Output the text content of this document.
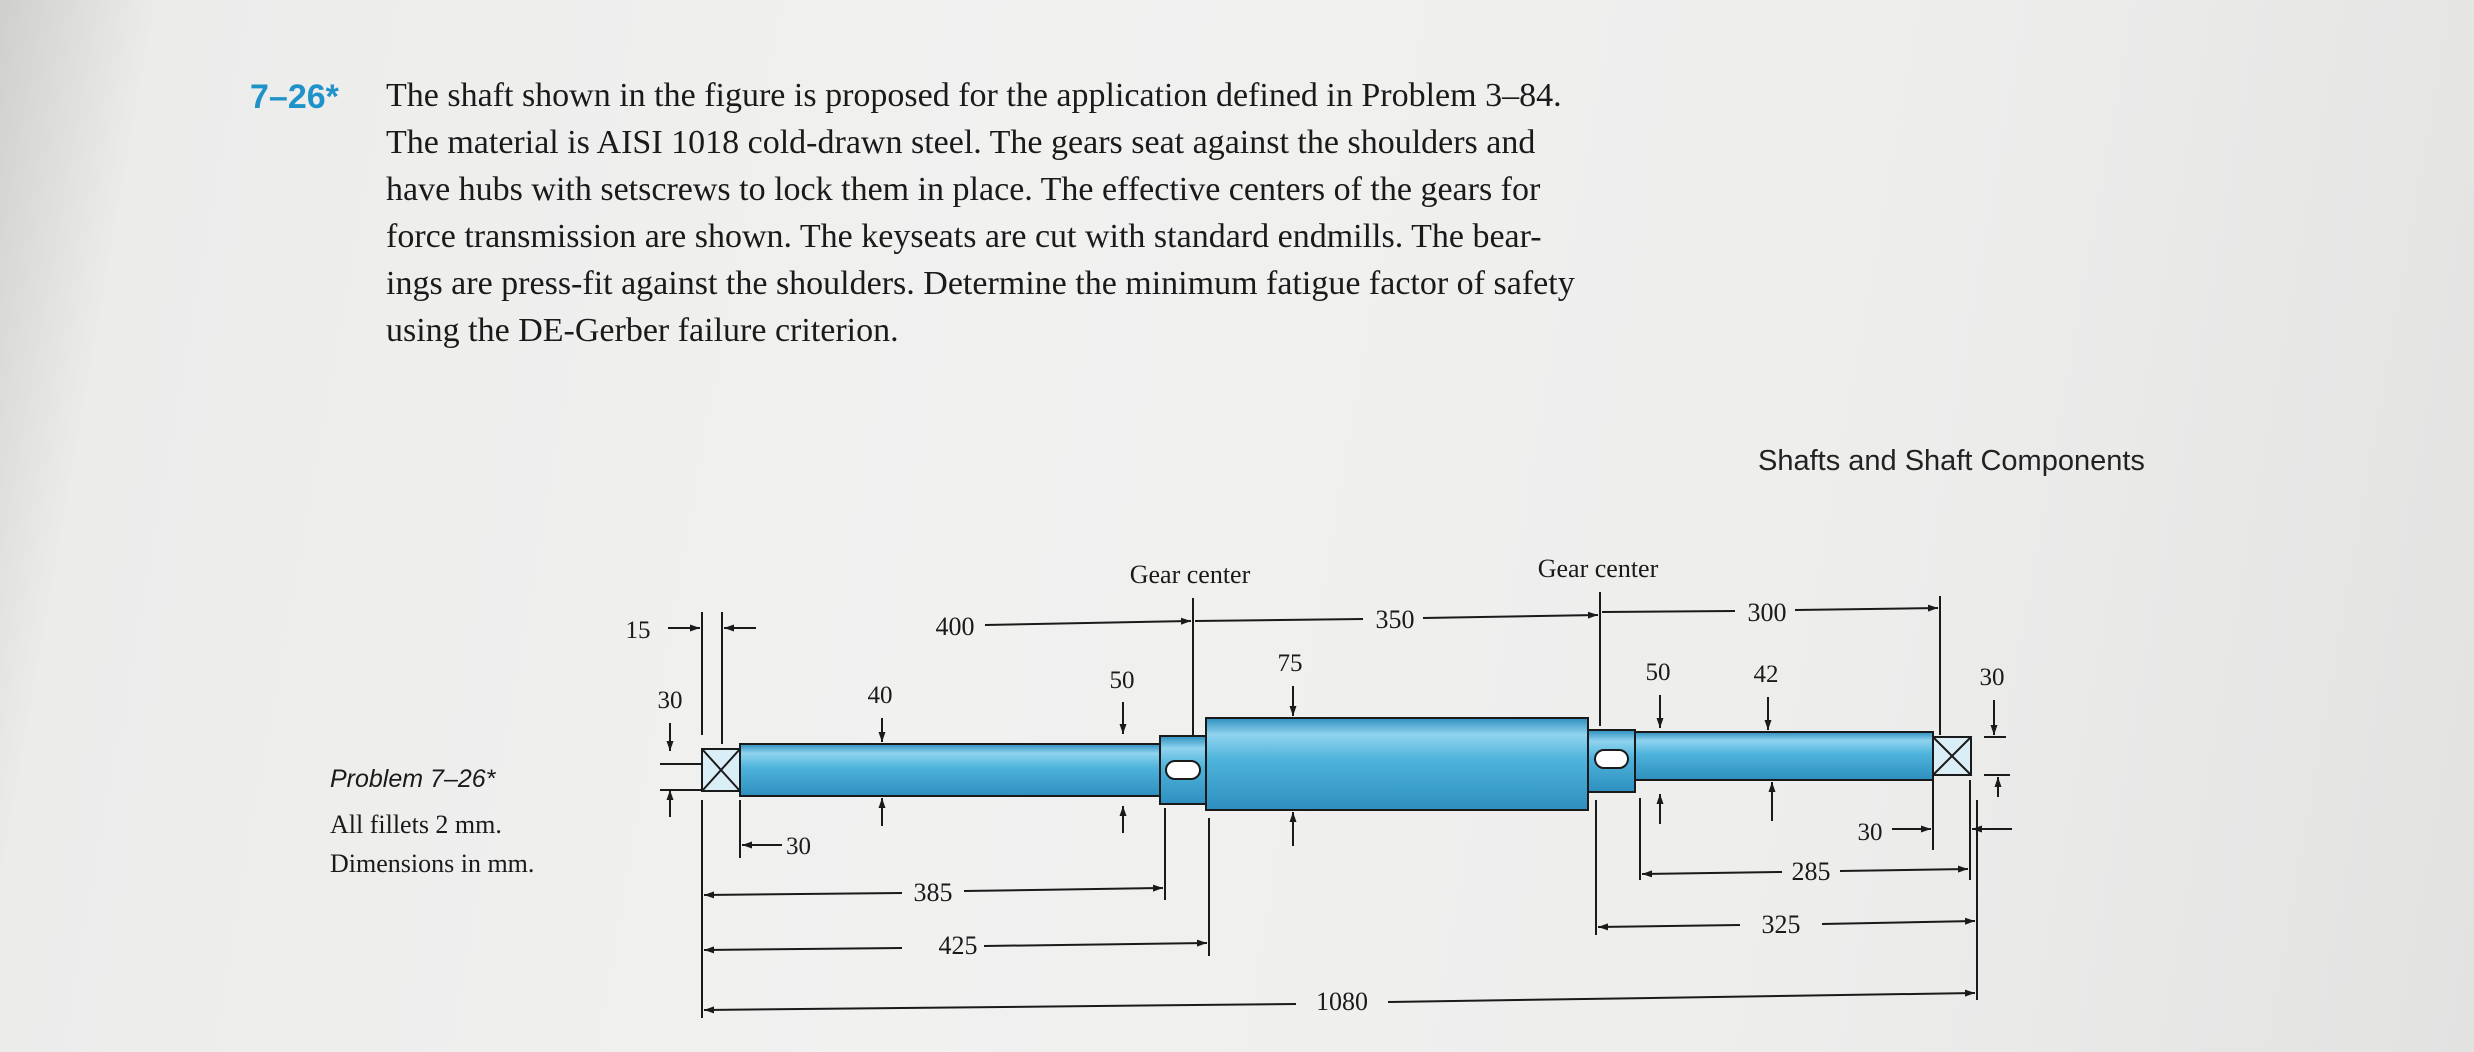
7–26* The shaft shown in the figure is proposed for the application defined in Problem 3–84.
The material is AISI 1018 cold-drawn steel. The gears seat against the shoulders and
have hubs with setscrews to lock them in place. The effective centers of the gears for
force transmission are shown. The keyseats are cut with standard endmills. The bear-
ings are press-fit against the shoulders. Determine the minimum fatigue factor of safety
using the DE-Gerber failure criterion.
Shafts and Shaft Components
Problem 7–26*
All fillets 2 mm.
Dimensions in mm.
15	400	350	300
Gear center	Gear center
30	40
50
75	50	42	30
30
385
425
30
285
325
1080
